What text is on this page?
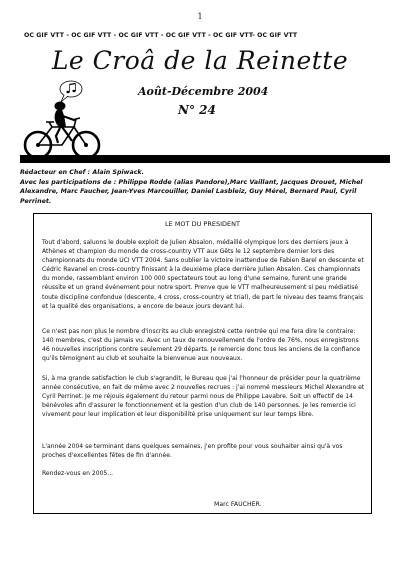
1
OC GIF VTT - OC GIF VTT - OC GIF VTT - OC GIF VTT - OC GIF VTT- OC GIF VTT
Le Croâ de la Reinette
Août-Décembre 2004
N° 24

Rédacteur en Chef : Alain Spiwack.

Avec les participations de : Philippe Rodde (alias Pandore),Marc Vaillant, Jacques Drouet, Michel Alexandre, Marc Faucher, Jean-Yves Marcouiller, Daniel Lasbleiz, Guy Mérel, Bernard Paul, Cyril Perrinet.

LE MOT DU PRESIDENT

Tout d'abord, saluons le double exploit de Julien Absalon, médaillé olympique lors des derniers jeux à Athènes et champion du monde de cross-country VTT aux Gêts le 12 septembre dernier lors des championnats du monde UCI VTT 2004. Sans oublier la victoire inattendue de Fabien Barel en descente et Cédric Ravanel en cross-country finissant à la deuxième place derrière Julien Absalon. Ces championnats du monde, rassemblant environ 100 000 spectateurs tout au long d'une semaine, furent une grande réussite et un grand événement pour notre sport. Prenve que le VTT malheureusement si peu médiatisé toute discipline confondue (descente, 4 cross, cross-country et trial), de part le niveau des teams français et la qualité des organisations, a encore de beaux jours devant lui.

Ce n'est pas non plus le nombre d'inscrits au club enregistré cette rentrée qui me fera dire le contraire: 140 membres, c'est du jamais vu. Avec un taux de renouvellement de l'ordre de 76%, nous enregistrons 46 nouvelles inscriptions contre seulement 29 départs. Je remercie donc tous les anciens de la confiance qu'ils témoignent au club et souhaite la bienvenue aux nouveaux.

Si, à ma grande satisfaction le club s'agrandit, le Bureau que j'ai l'honneur de présider pour la quatrième année consécutive, en fait de même avec 2 nouvelles recrues : j'ai nommé messieurs Michel Alexandre et Cyril Perrinet. Je me réjouis également du retour parmi nous de Philippe Lavabre. Soit un effectif de 14 bénévoles afin d'assurer le fonctionnement et la gestion d'un club de 140 personnes. Je les remercie ici vivement pour leur implication et leur disponibilité prise uniquement sur leur temps libre.

L'année 2004 se terminant dans quelques semaines, j'en profite pour vous souhaiter ainsi qu'à vos proches d'excellentes fêtes de fin d'année.

Rendez-vous en 2005...

Marc FAUCHER.
